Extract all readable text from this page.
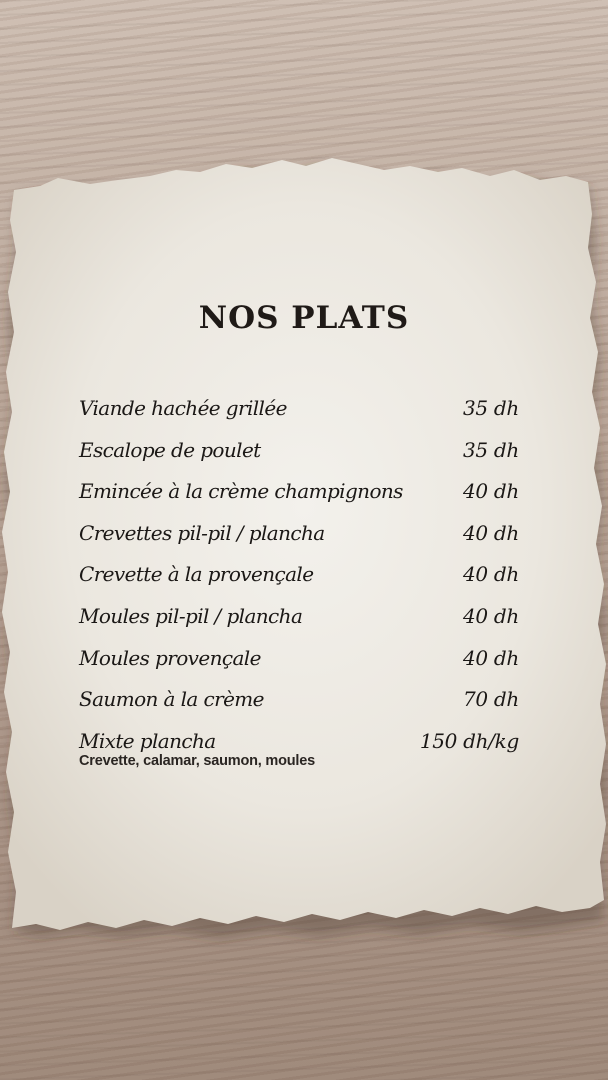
NOS PLATS
Viande hachée grillée	35 dh
Escalope de poulet	35 dh
Emincée à la crème champignons	40 dh
Crevettes pil-pil / plancha	40 dh
Crevette à la provençale	40 dh
Moules pil-pil / plancha	40 dh
Moules provençale	40 dh
Saumon à la crème	70 dh
Mixte plancha	150 dh/kg
Crevette, calamar, saumon, moules
